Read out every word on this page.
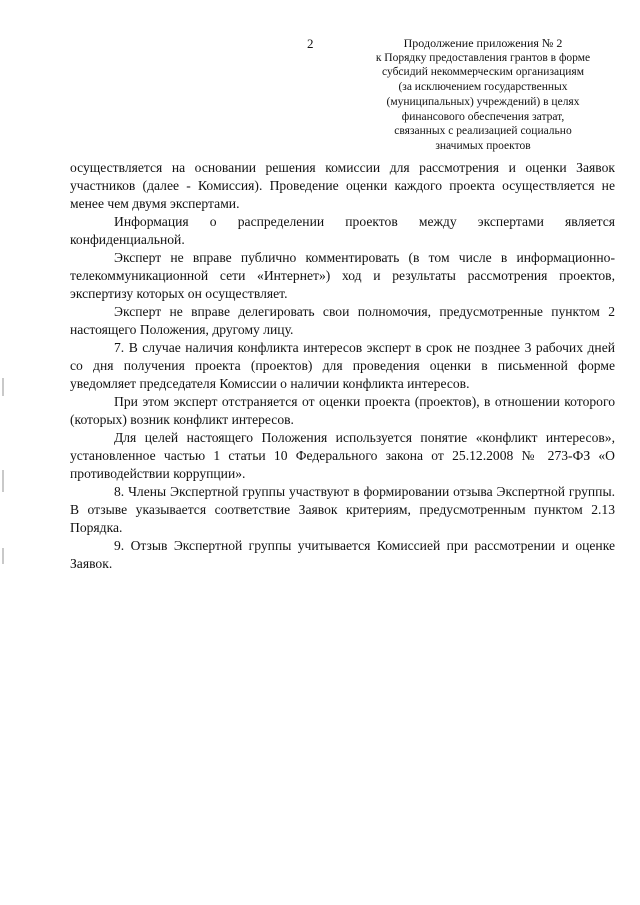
2	Продолжение приложения № 2
к Порядку предоставления грантов в форме
субсидий некоммерческим организациям
(за исключением государственных
(муниципальных) учреждений) в целях
финансового обеспечения затрат,
связанных с реализацией социально
значимых проектов

осуществляется на основании решения комиссии для рассмотрения и оценки Заявок участников (далее - Комиссия). Проведение оценки каждого проекта осуществляется не менее чем двумя экспертами.

Информация о распределении проектов между экспертами является конфиденциальной.

Эксперт не вправе публично комментировать (в том числе в информационно-телекоммуникационной сети «Интернет») ход и результаты рассмотрения проектов, экспертизу которых он осуществляет.

Эксперт не вправе делегировать свои полномочия, предусмотренные пунктом 2 настоящего Положения, другому лицу.

7. В случае наличия конфликта интересов эксперт в срок не позднее 3 рабочих дней со дня получения проекта (проектов) для проведения оценки в письменной форме уведомляет председателя Комиссии о наличии конфликта интересов.

При этом эксперт отстраняется от оценки проекта (проектов), в отношении которого (которых) возник конфликт интересов.

Для целей настоящего Положения используется понятие «конфликт интересов», установленное частью 1 статьи 10 Федерального закона от 25.12.2008 № 273-ФЗ «О противодействии коррупции».

8. Члены Экспертной группы участвуют в формировании отзыва Экспертной группы. В отзыве указывается соответствие Заявок критериям, предусмотренным пунктом 2.13 Порядка.

9. Отзыв Экспертной группы учитывается Комиссией при рассмотрении и оценке Заявок.
